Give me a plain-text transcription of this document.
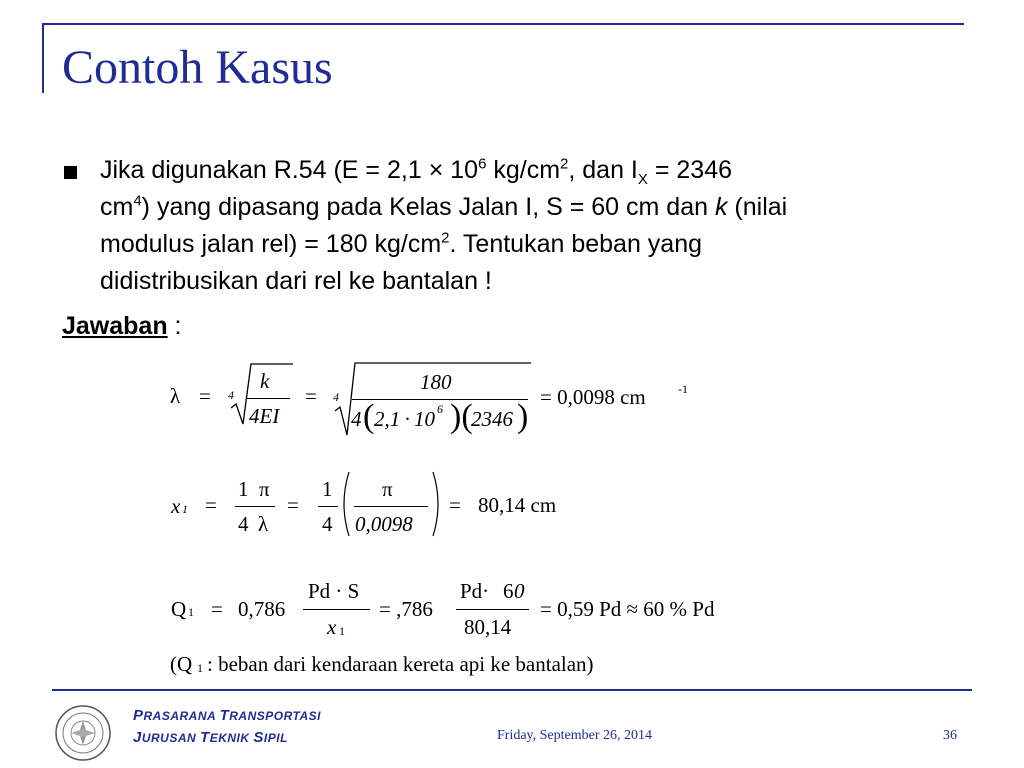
Contoh Kasus
Jika digunakan R.54 ($E = 2,1 \times 10^6$ $kg/cm^2$, dan $I_X = 2346$
$cm^4$) yang dipasang pada Kelas Jalan I, S = 60 cm dan k (nilai
modulus jalan rel) = 180 $kg/cm^2$. Tentukan beban yang
didistribusikan dari rel ke bantalan !
Jawaban :
λ = 4
k
4EI
= 4
180
4 ( 2,1 · 10 6 )(
2346 )
= 0,0098 cm	-1
x 1 =
1 π
4 λ
=
1
4
π
0,0098
= 80,14 cm
Q 1 = 0,786
Pd · S
x 1
= ,786
Pd· 6 0
80,14
= 0,59 Pd ≈ 60 % Pd
(Q 1 : beban dari kendaraan kereta api ke bantalan)
PRASARANA TRANSPORTASI
JURUSAN TEKNIK SIPIL	Friday, September 26, 2014	36
